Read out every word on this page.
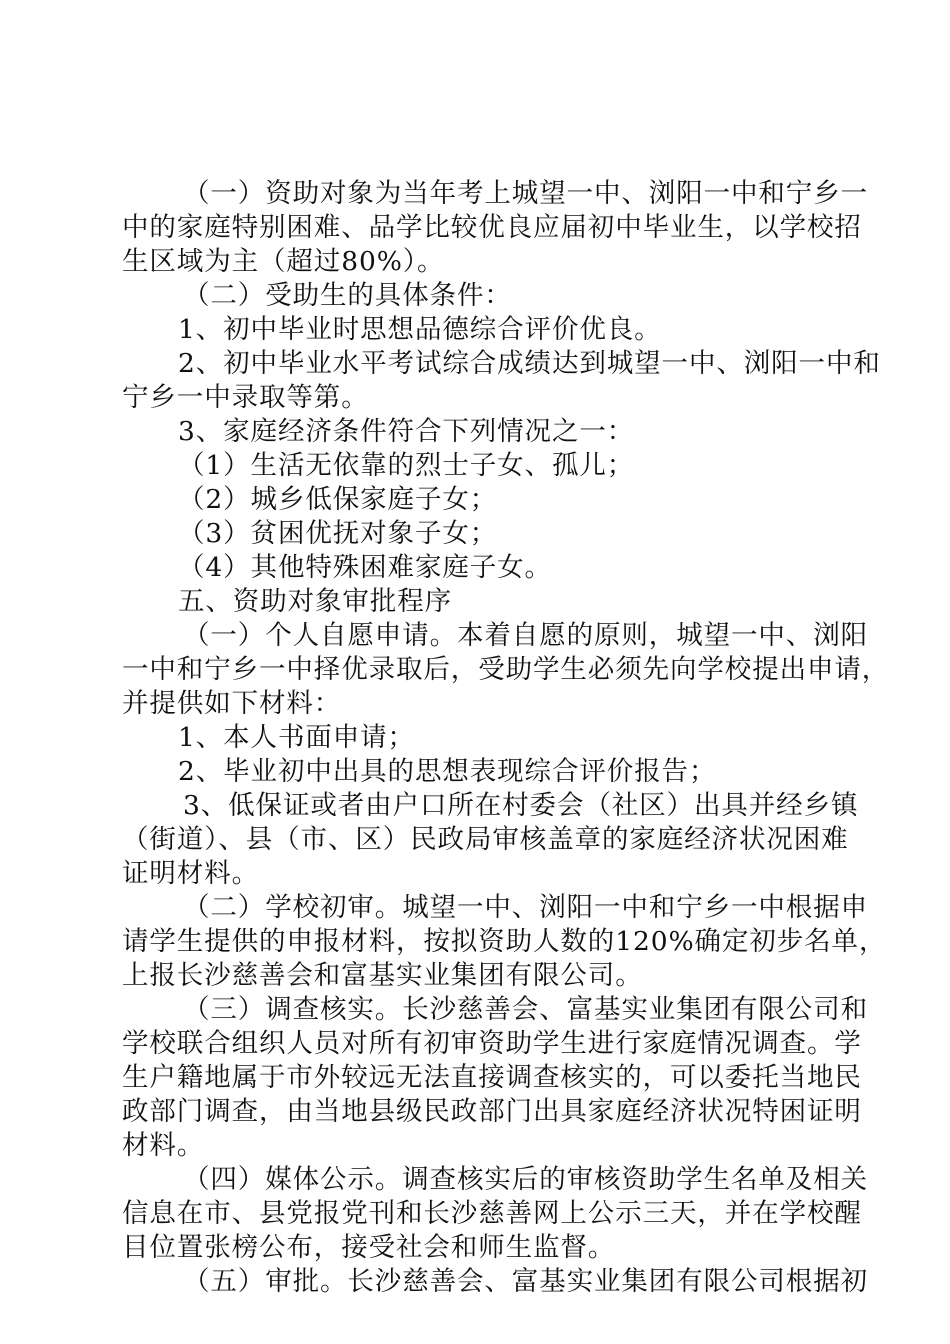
（一）资助对象为当年考上城望一中、浏阳一中和宁乡一
中的家庭特别困难、品学比较优良应届初中毕业生，以学校招
生区域为主（超过80%）。
（二）受助生的具体条件：
1、初中毕业时思想品德综合评价优良。
2、初中毕业水平考试综合成绩达到城望一中、浏阳一中和
宁乡一中录取等第。
3、家庭经济条件符合下列情况之一：
（1）生活无依靠的烈士子女、孤儿；
（2）城乡低保家庭子女；
（3）贫困优抚对象子女；
（4）其他特殊困难家庭子女。
五、资助对象审批程序
（一）个人自愿申请。本着自愿的原则，城望一中、浏阳
一中和宁乡一中择优录取后，受助学生必须先向学校提出申请，
并提供如下材料：
1、本人书面申请；
2、毕业初中出具的思想表现综合评价报告；
3、低保证或者由户口所在村委会（社区）出具并经乡镇
（街道）、县（市、区）民政局审核盖章的家庭经济状况困难
证明材料。
（二）学校初审。城望一中、浏阳一中和宁乡一中根据申
请学生提供的申报材料，按拟资助人数的120%确定初步名单，
上报长沙慈善会和富基实业集团有限公司。
（三）调查核实。长沙慈善会、富基实业集团有限公司和
学校联合组织人员对所有初审资助学生进行家庭情况调查。学
生户籍地属于市外较远无法直接调查核实的，可以委托当地民
政部门调查，由当地县级民政部门出具家庭经济状况特困证明
材料。
（四）媒体公示。调查核实后的审核资助学生名单及相关
信息在市、县党报党刊和长沙慈善网上公示三天，并在学校醒
目位置张榜公布，接受社会和师生监督。
（五）审批。长沙慈善会、富基实业集团有限公司根据初
